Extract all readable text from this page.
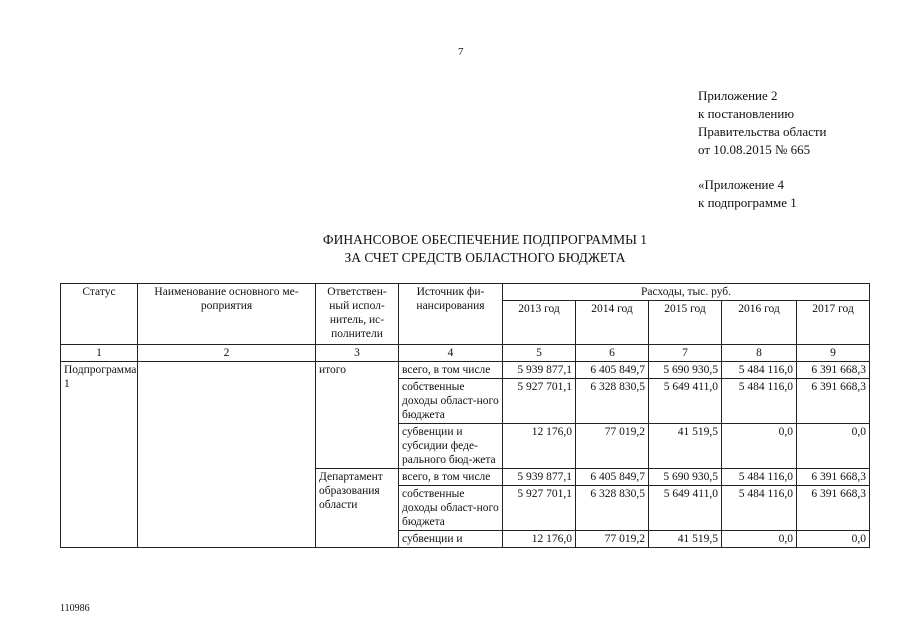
7
Приложение 2
к постановлению
Правительства области
от 10.08.2015 № 665
«Приложение 4
к подпрограмме 1
ФИНАНСОВОЕ ОБЕСПЕЧЕНИЕ ПОДПРОГРАММЫ 1
ЗА СЧЕТ СРЕДСТВ ОБЛАСТНОГО БЮДЖЕТА
Статус	Наименование основного ме-роприятия	Ответствен-ный испол-нитель, ис-полнители	Источник фи-нансирования	Расходы, тыс. руб.				
				2013 год	2014 год	2015 год	2016 год	2017 год
1	2	3	4	5	6	7	8	9
Подпрограмма 1		итого	всего, в том числе	5 939 877,1	6 405 849,7	5 690 930,5	5 484 116,0	6 391 668,3
			собственные доходы област-ного бюджета	5 927 701,1	6 328 830,5	5 649 411,0	5 484 116,0	6 391 668,3
			субвенции и субсидии феде-рального бюд-жета	12 176,0	77 019,2	41 519,5	0,0	0,0
		Департамент образования области	всего, в том числе	5 939 877,1	6 405 849,7	5 690 930,5	5 484 116,0	6 391 668,3
			собственные доходы област-ного бюджета	5 927 701,1	6 328 830,5	5 649 411,0	5 484 116,0	6 391 668,3
			субвенции и	12 176,0	77 019,2	41 519,5	0,0	0,0
110986
